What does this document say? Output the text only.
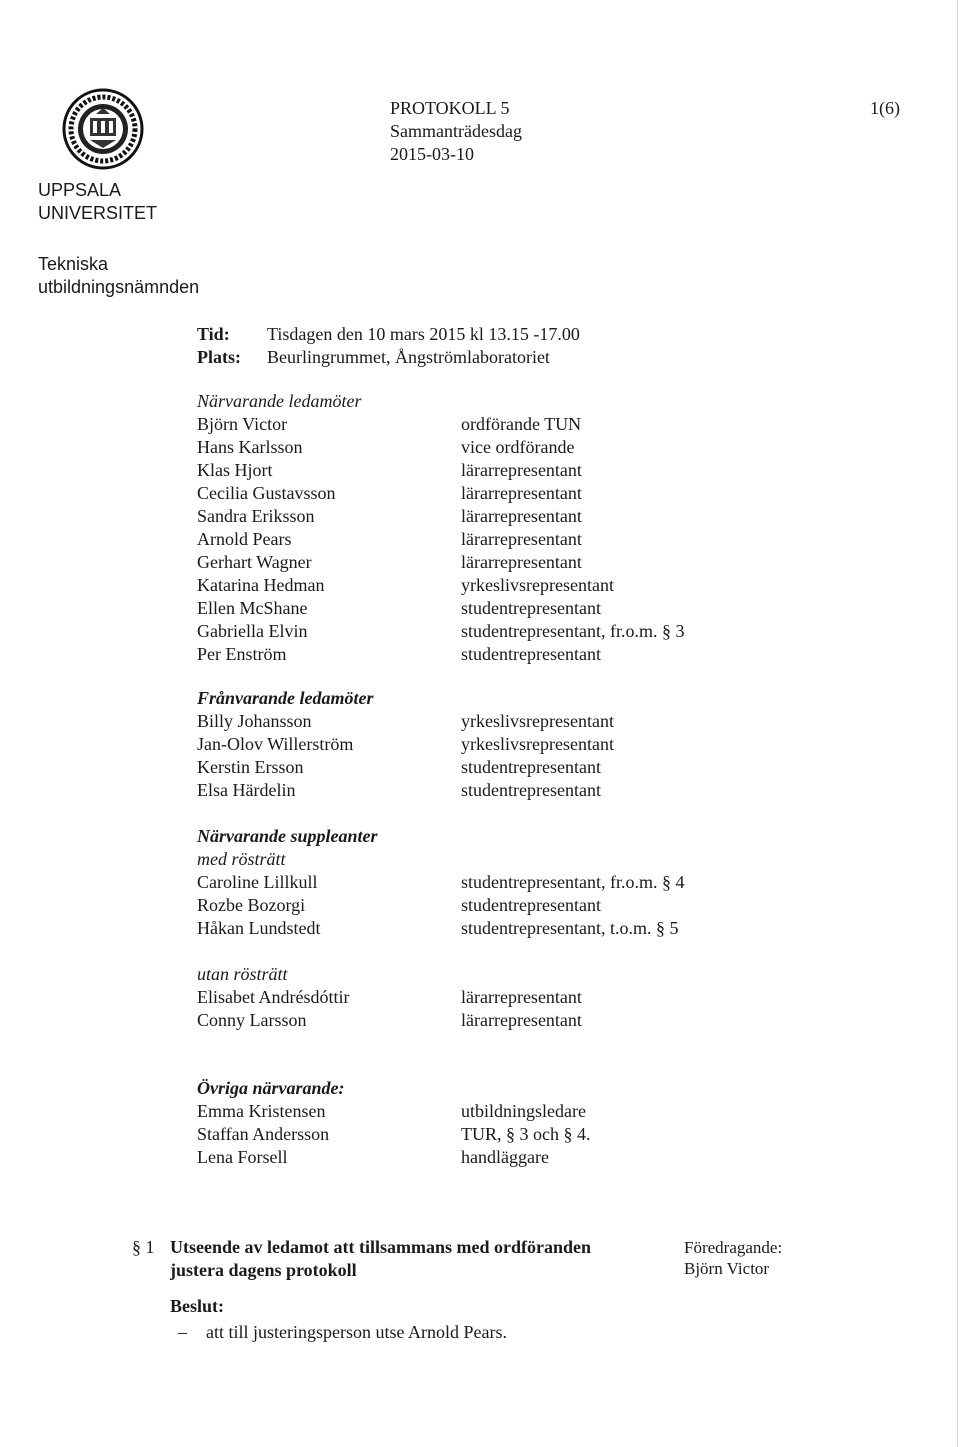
UPPSALA
UNIVERSITET
Tekniska
utbildningsnämnden
PROTOKOLL 5
Sammanträdesdag
2015-03-10
1(6)
Tid: Tisdagen den 10 mars 2015 kl 13.15 -17.00
Plats: Beurlingrummet, Ångströmlaboratoriet
Närvarande ledamöter
Björn Victor
Hans Karlsson
Klas Hjort
Cecilia Gustavsson
Sandra Eriksson
Arnold Pears
Gerhart Wagner
Katarina Hedman
Ellen McShane
Gabriella Elvin
Per Enström
ordförande TUN
vice ordförande
lärarrepresentant
lärarrepresentant
lärarrepresentant
lärarrepresentant
lärarrepresentant
yrkeslivsrepresentant
studentrepresentant
studentrepresentant, fr.o.m. § 3
studentrepresentant
Frånvarande ledamöter
Billy Johansson
Jan-Olov Willerström
Kerstin Ersson
Elsa Härdelin
yrkeslivsrepresentant
yrkeslivsrepresentant
studentrepresentant
studentrepresentant
Närvarande suppleanter
med rösträtt
Caroline Lillkull
Rozbe Bozorgi
Håkan Lundstedt
studentrepresentant, fr.o.m. § 4
studentrepresentant
studentrepresentant, t.o.m. § 5
utan rösträtt
Elisabet Andrésdóttir
Conny Larsson
lärarrepresentant
lärarrepresentant
Övriga närvarande:
Emma Kristensen
Staffan Andersson
Lena Forsell
utbildningsledare
TUR, § 3 och § 4.
handläggare
§ 1 Utseende av ledamot att tillsammans med ordföranden
justera dagens protokoll
Föredragande:
Björn Victor
Beslut:
– att till justeringsperson utse Arnold Pears.
